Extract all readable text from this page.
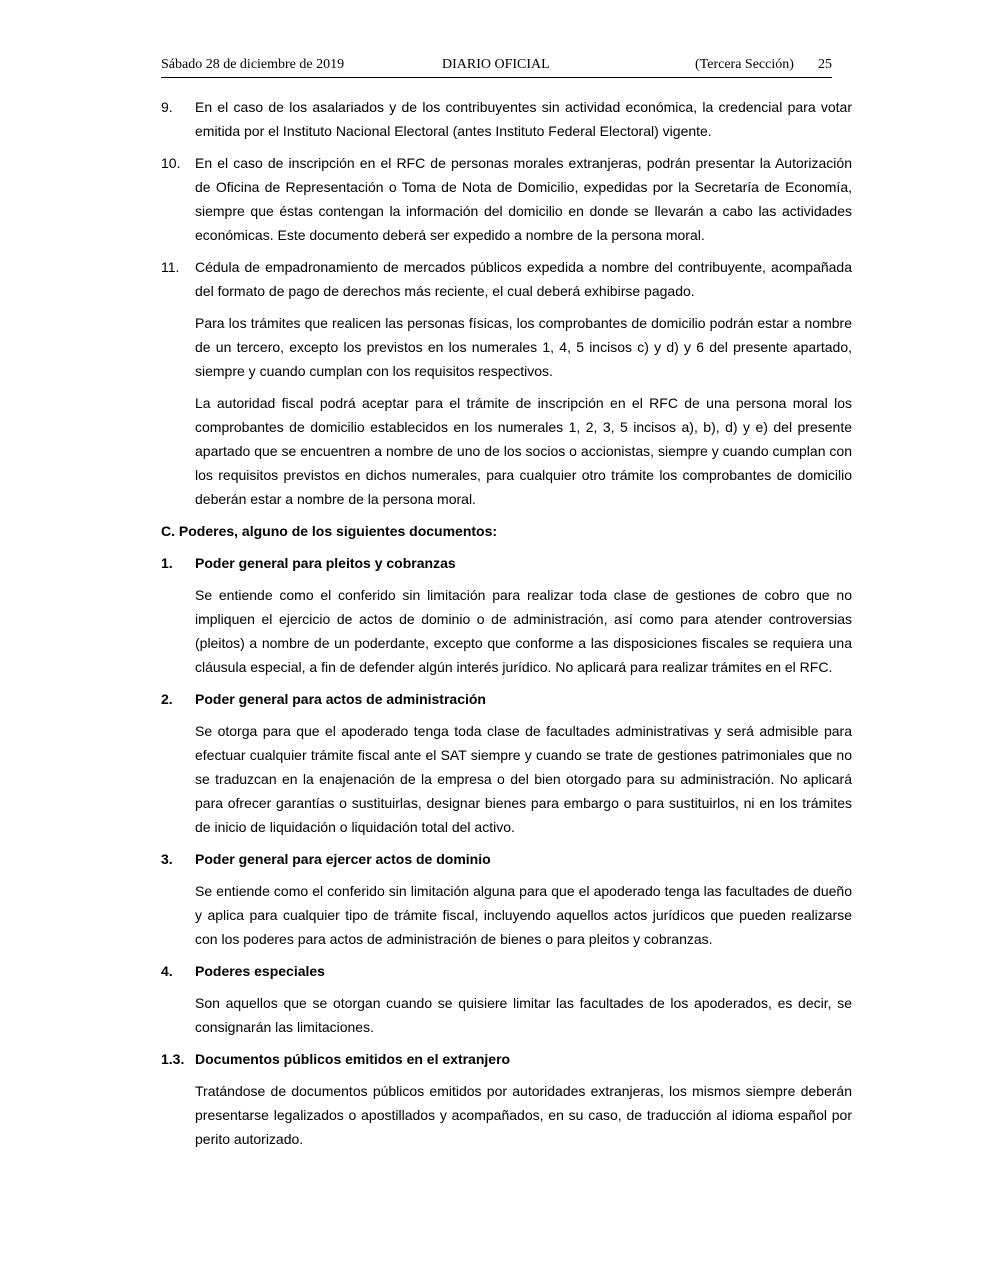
Sábado 28 de diciembre de 2019	DIARIO OFICIAL	(Tercera Sección) 25
9. En el caso de los asalariados y de los contribuyentes sin actividad económica, la credencial para votar emitida por el Instituto Nacional Electoral (antes Instituto Federal Electoral) vigente.
10. En el caso de inscripción en el RFC de personas morales extranjeras, podrán presentar la Autorización de Oficina de Representación o Toma de Nota de Domicilio, expedidas por la Secretaría de Economía, siempre que éstas contengan la información del domicilio en donde se llevarán a cabo las actividades económicas. Este documento deberá ser expedido a nombre de la persona moral.
11. Cédula de empadronamiento de mercados públicos expedida a nombre del contribuyente, acompañada del formato de pago de derechos más reciente, el cual deberá exhibirse pagado.
Para los trámites que realicen las personas físicas, los comprobantes de domicilio podrán estar a nombre de un tercero, excepto los previstos en los numerales 1, 4, 5 incisos c) y d) y 6 del presente apartado, siempre y cuando cumplan con los requisitos respectivos.
La autoridad fiscal podrá aceptar para el trámite de inscripción en el RFC de una persona moral los comprobantes de domicilio establecidos en los numerales 1, 2, 3, 5 incisos a), b), d) y e) del presente apartado que se encuentren a nombre de uno de los socios o accionistas, siempre y cuando cumplan con los requisitos previstos en dichos numerales, para cualquier otro trámite los comprobantes de domicilio deberán estar a nombre de la persona moral.
C. Poderes, alguno de los siguientes documentos:
1. Poder general para pleitos y cobranzas
Se entiende como el conferido sin limitación para realizar toda clase de gestiones de cobro que no impliquen el ejercicio de actos de dominio o de administración, así como para atender controversias (pleitos) a nombre de un poderdante, excepto que conforme a las disposiciones fiscales se requiera una cláusula especial, a fin de defender algún interés jurídico. No aplicará para realizar trámites en el RFC.
2. Poder general para actos de administración
Se otorga para que el apoderado tenga toda clase de facultades administrativas y será admisible para efectuar cualquier trámite fiscal ante el SAT siempre y cuando se trate de gestiones patrimoniales que no se traduzcan en la enajenación de la empresa o del bien otorgado para su administración. No aplicará para ofrecer garantías o sustituirlas, designar bienes para embargo o para sustituirlos, ni en los trámites de inicio de liquidación o liquidación total del activo.
3. Poder general para ejercer actos de dominio
Se entiende como el conferido sin limitación alguna para que el apoderado tenga las facultades de dueño y aplica para cualquier tipo de trámite fiscal, incluyendo aquellos actos jurídicos que pueden realizarse con los poderes para actos de administración de bienes o para pleitos y cobranzas.
4. Poderes especiales
Son aquellos que se otorgan cuando se quisiere limitar las facultades de los apoderados, es decir, se consignarán las limitaciones.
1.3. Documentos públicos emitidos en el extranjero
Tratándose de documentos públicos emitidos por autoridades extranjeras, los mismos siempre deberán presentarse legalizados o apostillados y acompañados, en su caso, de traducción al idioma español por perito autorizado.
